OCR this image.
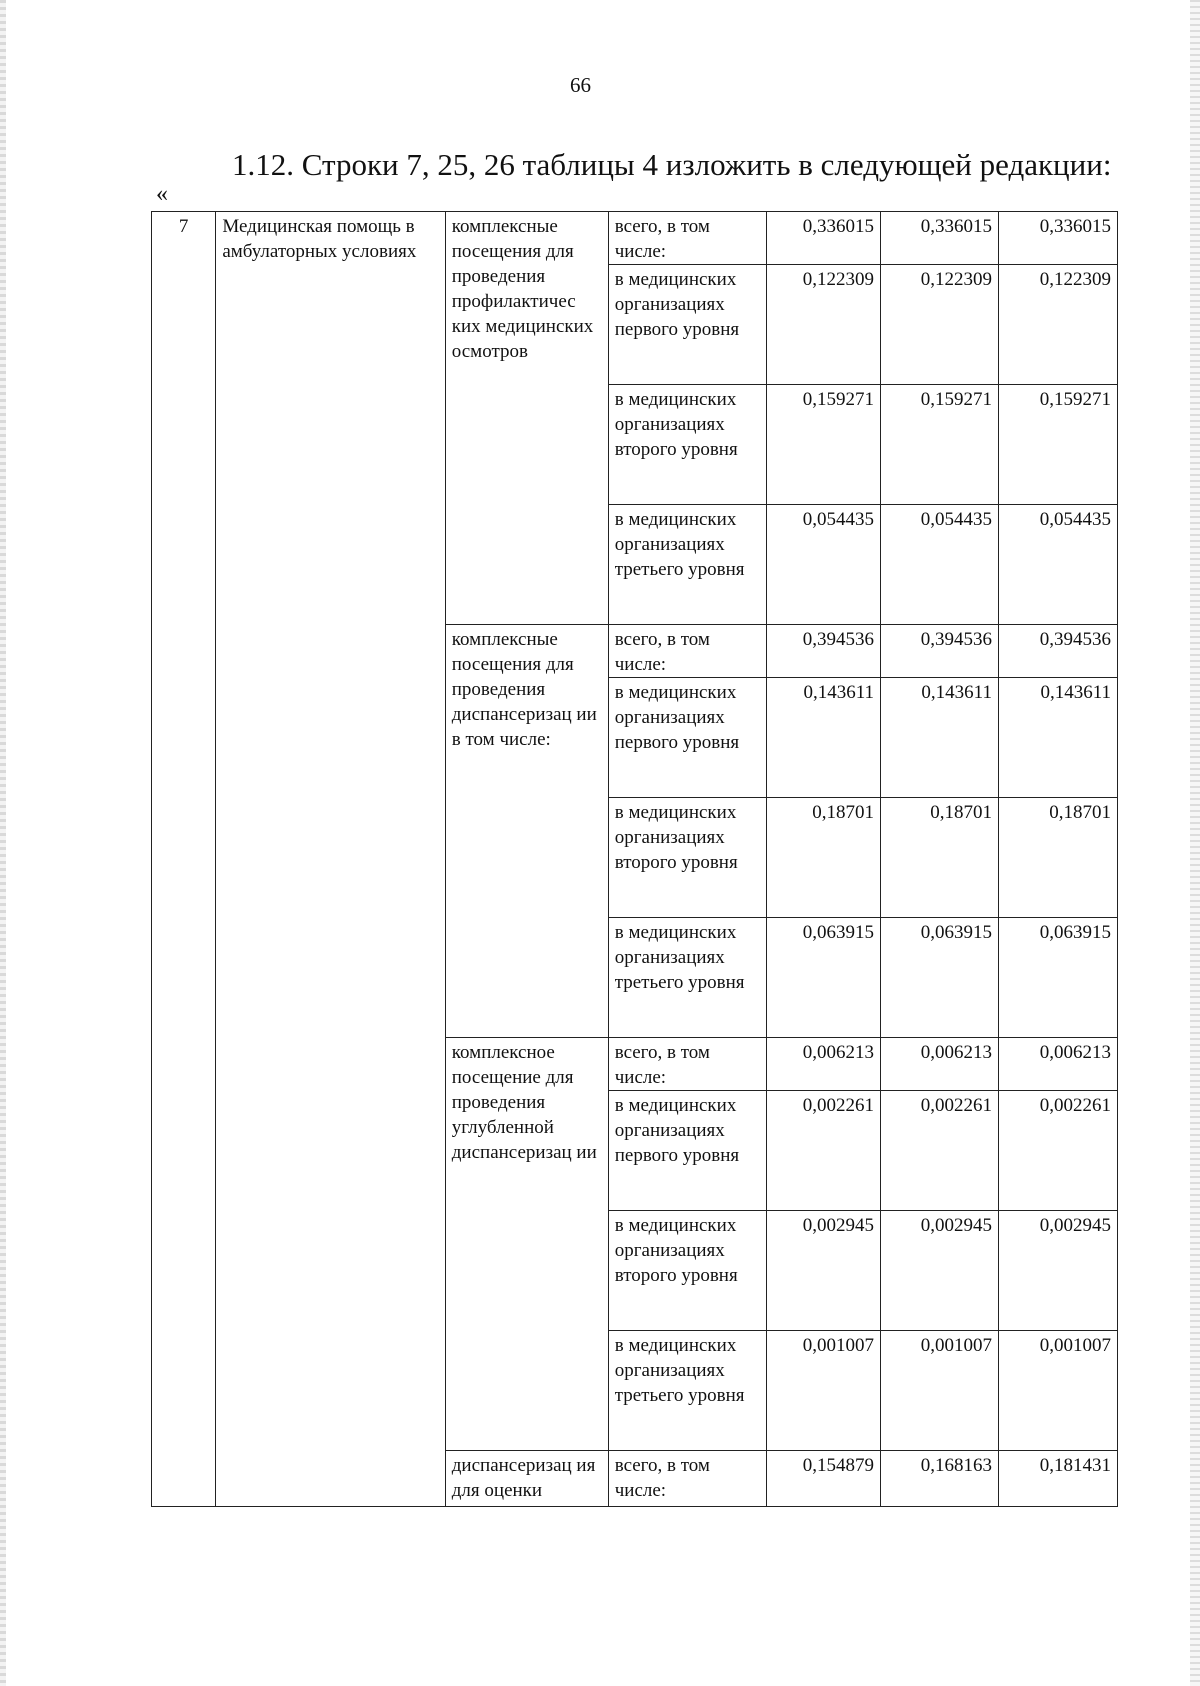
66
1.12. Строки 7, 25, 26 таблицы 4 изложить в следующей редакции:
«
7	Медицинская помощь в амбулаторных условиях	комплексные посещения для проведения профилактичес ких медицинских осмотров	всего, в том числе:	0,336015	0,336015	0,336015
			в медицинских организациях первого уровня	0,122309	0,122309	0,122309
			в медицинских организациях второго уровня	0,159271	0,159271	0,159271
			в медицинских организациях третьего уровня	0,054435	0,054435	0,054435
		комплексные посещения для проведения диспансеризац ии в том числе:	всего, в том числе:	0,394536	0,394536	0,394536
			в медицинских организациях первого уровня	0,143611	0,143611	0,143611
			в медицинских организациях второго уровня	0,18701	0,18701	0,18701
			в медицинских организациях третьего уровня	0,063915	0,063915	0,063915
		комплексное посещение для проведения углубленной диспансеризац ии	всего, в том числе:	0,006213	0,006213	0,006213
			в медицинских организациях первого уровня	0,002261	0,002261	0,002261
			в медицинских организациях второго уровня	0,002945	0,002945	0,002945
			в медицинских организациях третьего уровня	0,001007	0,001007	0,001007
		диспансеризац ия для оценки	всего, в том числе:	0,154879	0,168163	0,181431
